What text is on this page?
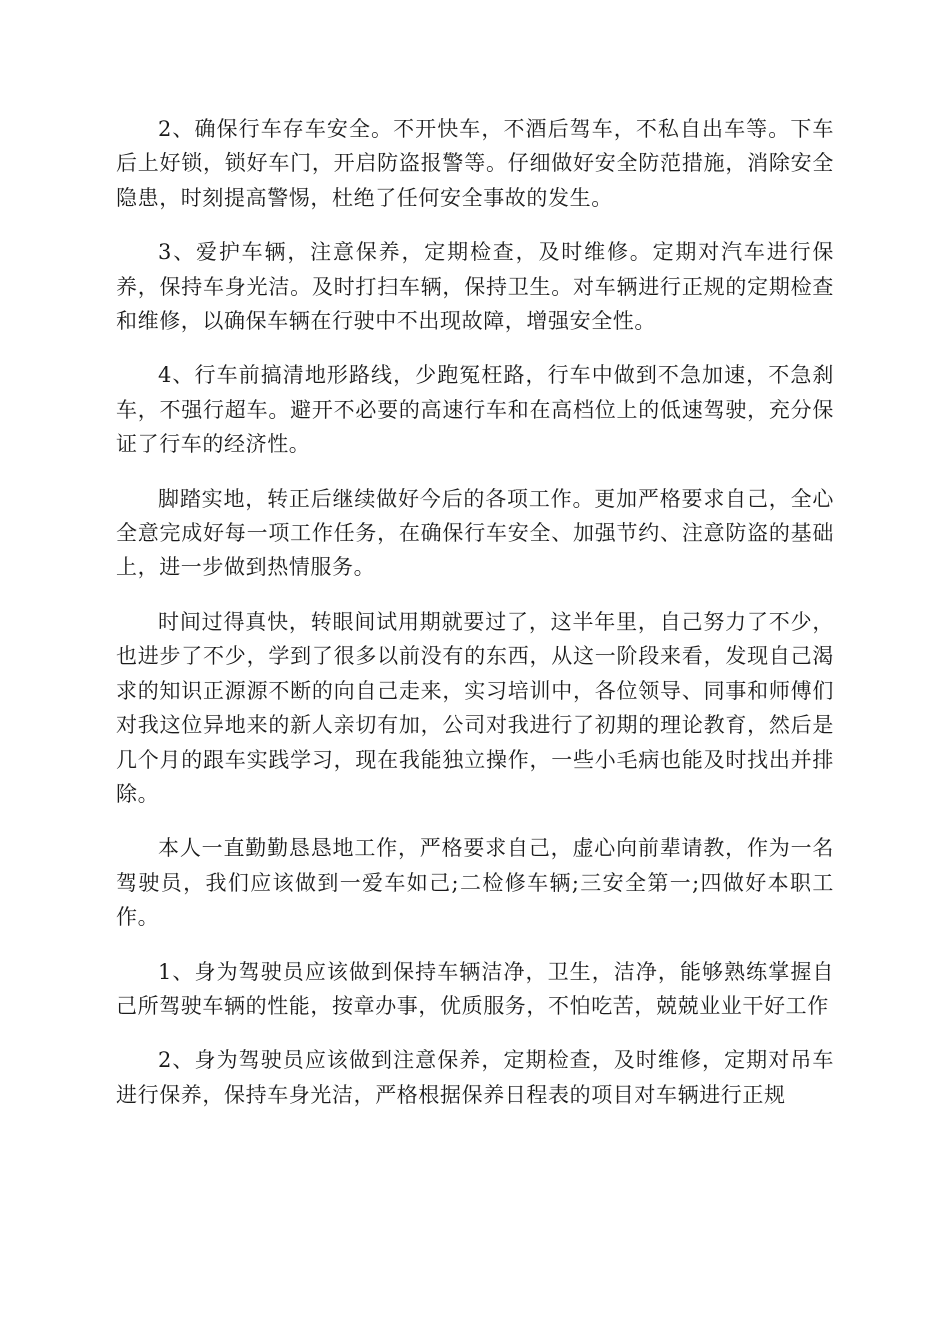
2、确保行车存车安全。不开快车，不酒后驾车，不私自出车等。下车后上好锁，锁好车门，开启防盗报警等。仔细做好安全防范措施，消除安全隐患，时刻提高警惕，杜绝了任何安全事故的发生。

3、爱护车辆，注意保养，定期检查，及时维修。定期对汽车进行保养，保持车身光洁。及时打扫车辆，保持卫生。对车辆进行正规的定期检查和维修，以确保车辆在行驶中不出现故障，增强安全性。

4、行车前搞清地形路线，少跑冤枉路，行车中做到不急加速，不急刹车，不强行超车。避开不必要的高速行车和在高档位上的低速驾驶，充分保证了行车的经济性。

脚踏实地，转正后继续做好今后的各项工作。更加严格要求自己，全心全意完成好每一项工作任务，在确保行车安全、加强节约、注意防盗的基础上，进一步做到热情服务。

时间过得真快，转眼间试用期就要过了，这半年里，自己努力了不少，也进步了不少，学到了很多以前没有的东西，从这一阶段来看，发现自己渴求的知识正源源不断的向自己走来，实习培训中，各位领导、同事和师傅们对我这位异地来的新人亲切有加，公司对我进行了初期的理论教育，然后是几个月的跟车实践学习，现在我能独立操作，一些小毛病也能及时找出并排除。

本人一直勤勤恳恳地工作，严格要求自己，虚心向前辈请教，作为一名驾驶员，我们应该做到一爱车如己;二检修车辆;三安全第一;四做好本职工作。

1、身为驾驶员应该做到保持车辆洁净，卫生，洁净，能够熟练掌握自己所驾驶车辆的性能，按章办事，优质服务，不怕吃苦，兢兢业业干好工作

2、身为驾驶员应该做到注意保养，定期检查，及时维修，定期对吊车进行保养，保持车身光洁，严格根据保养日程表的项目对车辆进行正规
